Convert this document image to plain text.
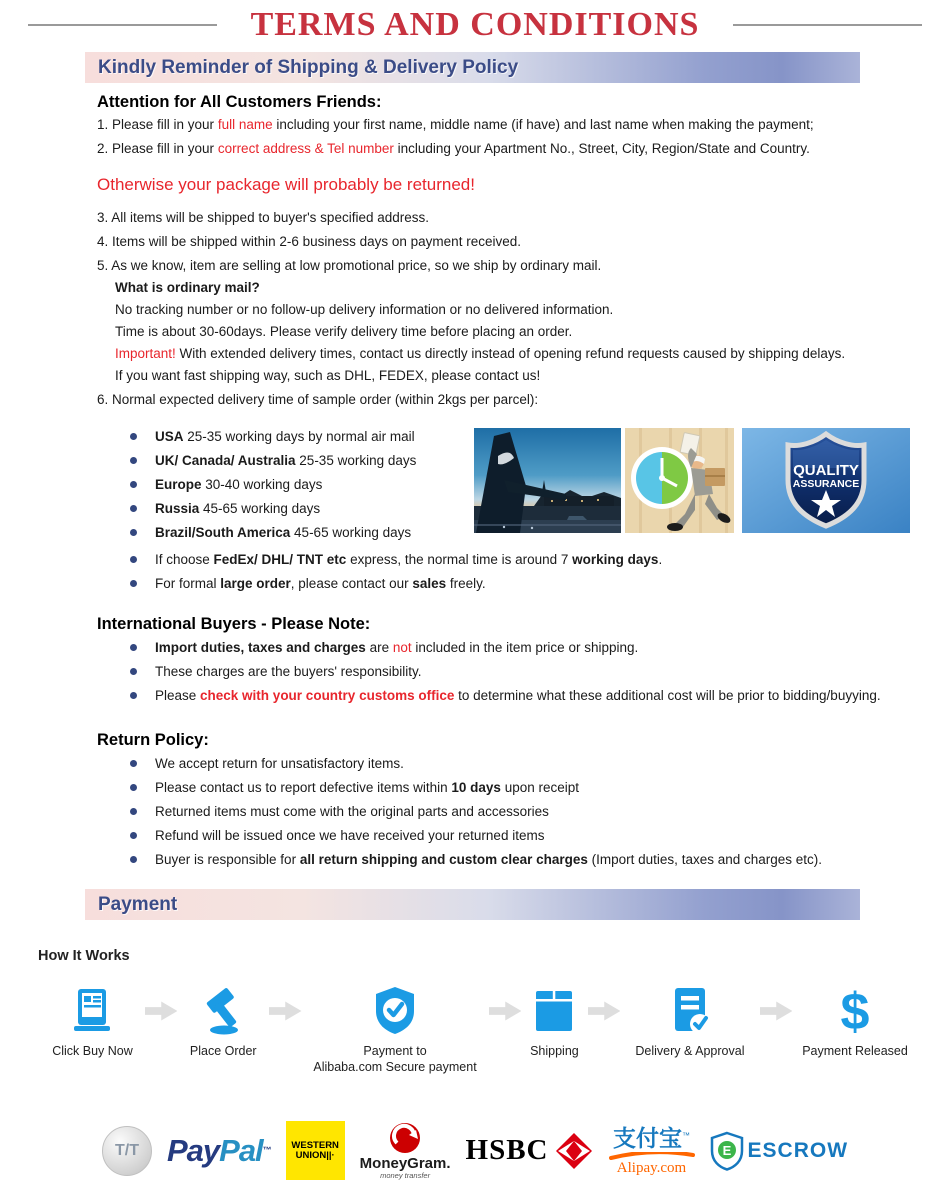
TERMS AND CONDITIONS
Kindly Reminder of Shipping & Delivery Policy
Attention for All Customers Friends:
1. Please fill in your full name including your first name, middle name (if have) and last name when making the payment;
2. Please fill in your correct address & Tel number including your Apartment No., Street, City, Region/State and Country.
Otherwise your package will probably be returned!
3. All items will be shipped to buyer's specified address.
4. Items will be shipped within 2-6 business days on payment received.
5. As we know, item are selling at low promotional price, so we ship by ordinary mail.
What is ordinary mail?
No tracking number or no follow-up delivery information or no delivered information.
Time is about 30-60days. Please verify delivery time before placing an order.
Important! With extended delivery times, contact us directly instead of opening refund requests caused by shipping delays.
If you want fast shipping way, such as DHL, FEDEX, please contact us!
6. Normal expected delivery time of sample order (within 2kgs per parcel):
USA 25-35 working days by normal air mail
UK/ Canada/ Australia 25-35 working days
Europe 30-40 working days
Russia 45-65 working days
Brazil/South America 45-65 working days
QUALITY
ASSURANCE
If choose FedEx/ DHL/ TNT etc express, the normal time is around 7 working days.
For formal large order, please contact our sales freely.
International Buyers - Please Note:
Import duties, taxes and charges are not included in the item price or shipping.
These charges are the buyers' responsibility.
Please check with your country customs office to determine what these additional cost will be prior to bidding/buyying.
Return Policy:
We accept return for unsatisfactory items.
Please contact us to report defective items within 10 days upon receipt
Returned items must come with the original parts and accessories
Refund will be issued once we have received your returned items
Buyer is responsible for all return shipping and custom clear charges (Import duties, taxes and charges etc).
Payment
How It Works
Click Buy Now	Place Order	Payment to
Alibaba.com Secure payment
Shipping	Delivery & Approval
$
Payment Released
T/T PayPal™ WESTERN
UNION||· MoneyGram.
money transfer
HSBC	支付宝™
Alipay.com
E ESCROW
